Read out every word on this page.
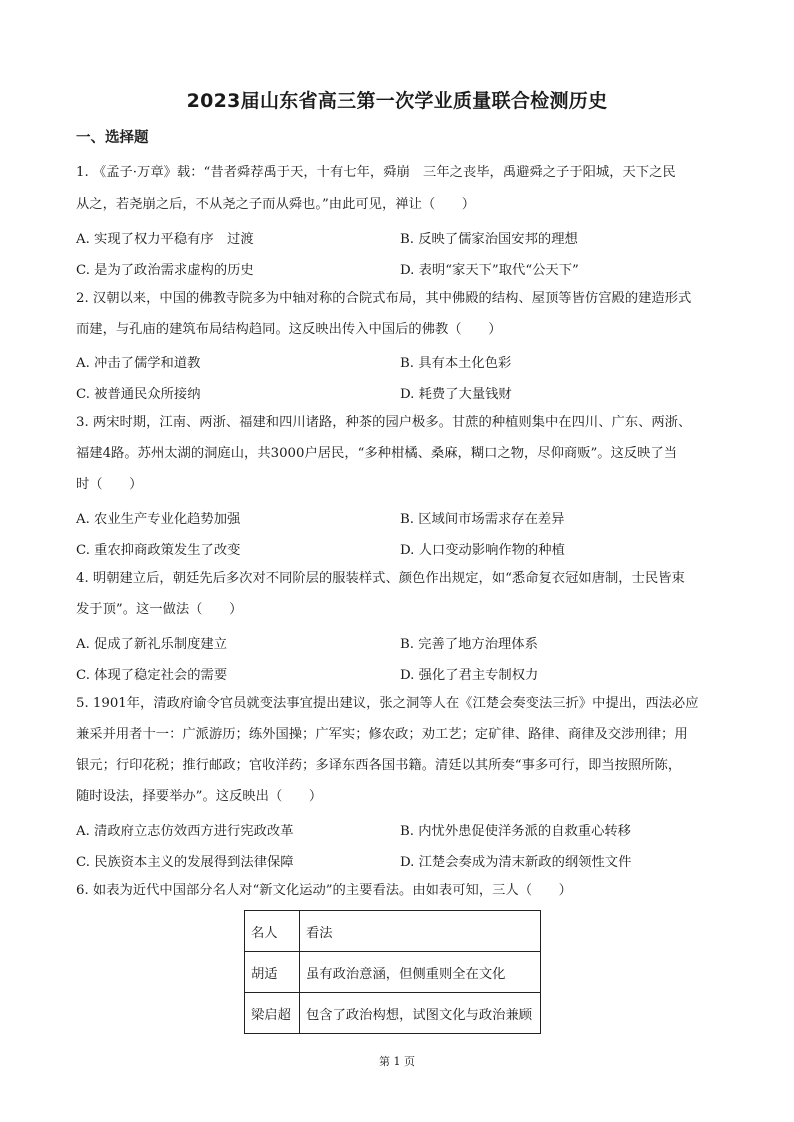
2023届山东省高三第一次学业质量联合检测历史
一、选择题
1. 《孟子·万章》载：“昔者舜荐禹于天，十有七年，舜崩　三年之丧毕，禹避舜之子于阳城，天下之民
从之，若尧崩之后，不从尧之子而从舜也。”由此可见，禅让（　　）
A. 实现了权力平稳有序　过渡	B. 反映了儒家治国安邦的理想
C. 是为了政治需求虚构的历史	D. 表明“家天下”取代“公天下”
2. 汉朝以来，中国的佛教寺院多为中轴对称的合院式布局，其中佛殿的结构、屋顶等皆仿宫殿的建造形式
而建，与孔庙的建筑布局结构趋同。这反映出传入中国后的佛教（　　）
A. 冲击了儒学和道教	B. 具有本土化色彩
C. 被普通民众所接纳	D. 耗费了大量钱财
3. 两宋时期，江南、两浙、福建和四川诸路，种茶的园户极多。甘蔗的种植则集中在四川、广东、两浙、
福建4路。苏州太湖的洞庭山，共3000户居民，“多种柑橘、桑麻，糊口之物，尽仰商贩”。这反映了当
时（　　）
A. 农业生产专业化趋势加强	B. 区域间市场需求存在差异
C. 重农抑商政策发生了改变	D. 人口变动影响作物的种植
4. 明朝建立后，朝廷先后多次对不同阶层的服装样式、颜色作出规定，如“悉命复衣冠如唐制，士民皆束
发于顶”。这一做法（　　）
A. 促成了新礼乐制度建立	B. 完善了地方治理体系
C. 体现了稳定社会的需要	D. 强化了君主专制权力
5. 1901年，清政府谕令官员就变法事宜提出建议，张之洞等人在《江楚会奏变法三折》中提出，西法必应
兼采并用者十一：广派游历；练外国操；广军实；修农政；劝工艺；定矿律、路律、商律及交涉刑律；用
银元；行印花税；推行邮政；官收洋药；多译东西各国书籍。清廷以其所奏“事多可行，即当按照所陈，
随时设法，择要举办”。这反映出（　　）
A. 清政府立志仿效西方进行宪政改革	B. 内忧外患促使洋务派的自救重心转移
C. 民族资本主义的发展得到法律保障	D. 江楚会奏成为清末新政的纲领性文件
6. 如表为近代中国部分名人对“新文化运动”的主要看法。由如表可知，三人（　　）
名人	看法
胡适	虽有政治意涵，但侧重则全在文化
梁启超	包含了政治构想，试图文化与政治兼顾
第 1 页
